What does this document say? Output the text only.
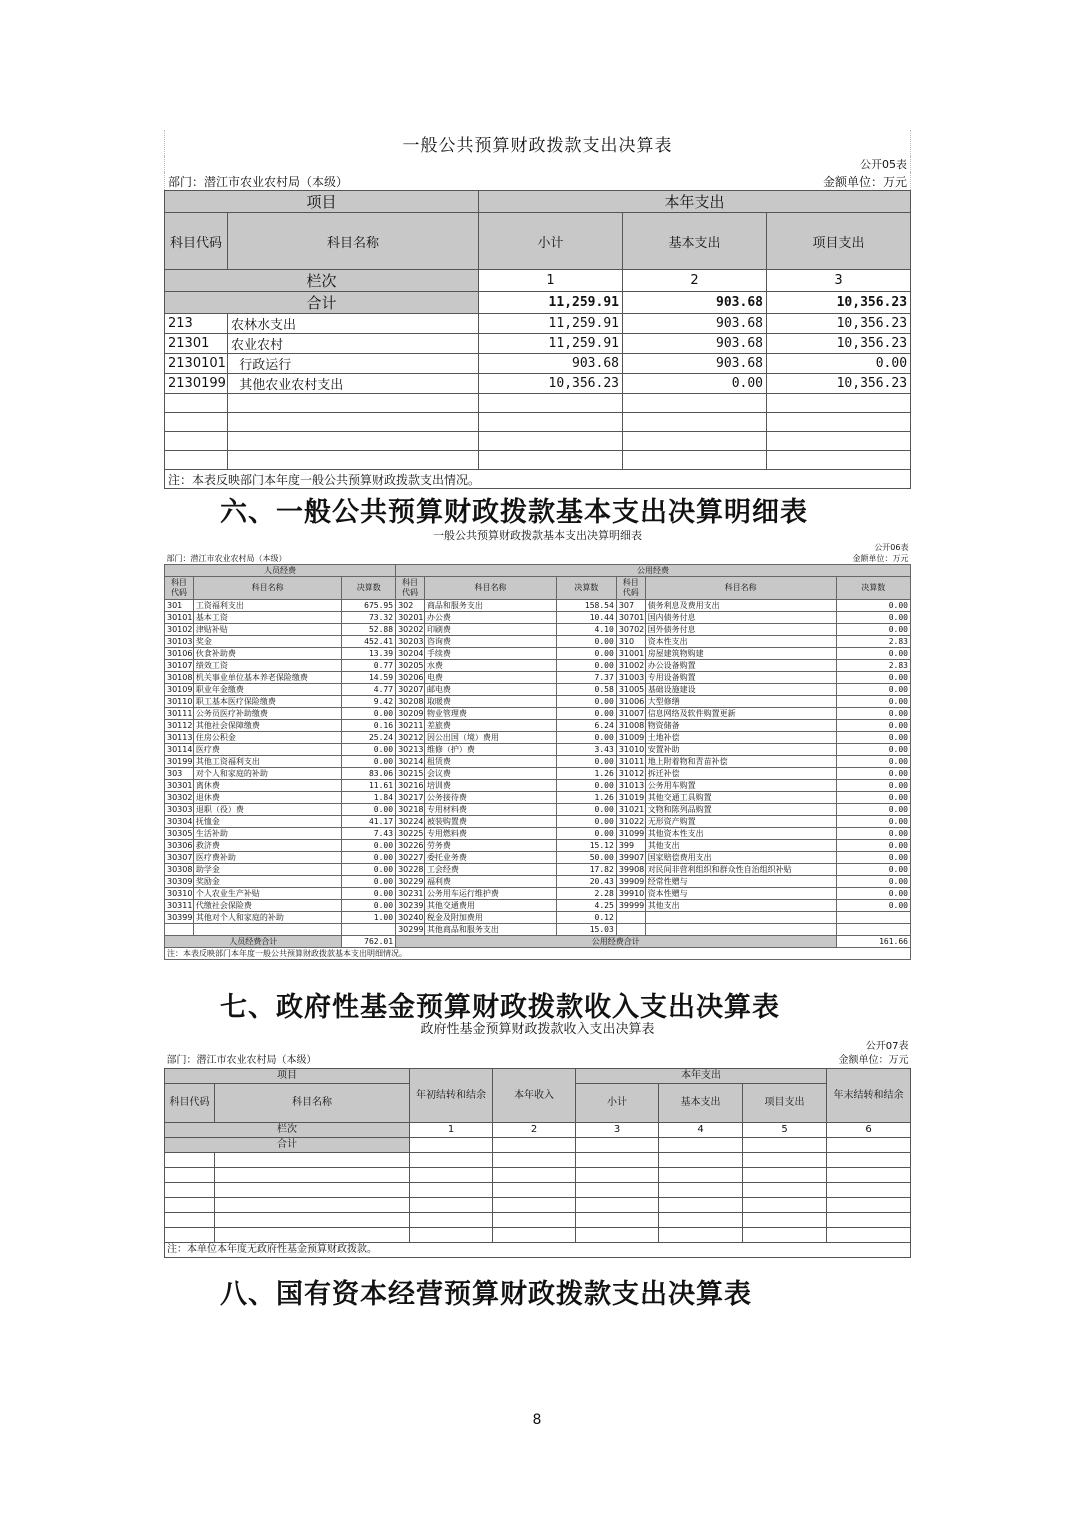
一般公共预算财政拨款支出决算表				
公开05表				
部门：潜江市农业农村局（本级）			金额单位：万元	
项目		本年支出		
科目代码	科目名称	小计	基本支出	项目支出
栏次		1	2	3
合计		11,259.91	903.68	10,356.23
213	农林水支出	11,259.91	903.68	10,356.23
21301	农业农村	11,259.91	903.68	10,356.23
2130101	行政运行	903.68	903.68	0.00
2130199	其他农业农村支出	10,356.23	0.00	10,356.23

注：本表反映部门本年度一般公共预算财政拨款支出情况。				
六、一般公共预算财政拨款基本支出决算明细表
一般公共预算财政拨款基本支出决算明细表								
公开06表								
部门：潜江市农业农村局（本级）					金额单位：万元			
人员经费			公用经费					
科目代码	科目名称	决算数	科目代码	科目名称	决算数	科目代码	科目名称	决算数
301	工资福利支出	675.95	302	商品和服务支出	158.54	307	债务利息及费用支出	0.00
30101	基本工资	73.32	30201	办公费	10.44	30701	国内债务付息	0.00
30102	津贴补贴	52.88	30202	印刷费	4.10	30702	国外债务付息	0.00
30103	奖金	452.41	30203	咨询费	0.00	310	资本性支出	2.83
30106	伙食补助费	13.39	30204	手续费	0.00	31001	房屋建筑物购建	0.00
30107	绩效工资	0.77	30205	水费	0.00	31002	办公设备购置	2.83
30108	机关事业单位基本养老保险缴费	14.59	30206	电费	7.37	31003	专用设备购置	0.00
30109	职业年金缴费	4.77	30207	邮电费	0.58	31005	基础设施建设	0.00
30110	职工基本医疗保险缴费	9.42	30208	取暖费	0.00	31006	大型修缮	0.00
30111	公务员医疗补助缴费	0.00	30209	物业管理费	0.00	31007	信息网络及软件购置更新	0.00
30112	其他社会保障缴费	0.16	30211	差旅费	6.24	31008	物资储备	0.00
30113	住房公积金	25.24	30212	因公出国（境）费用	0.00	31009	土地补偿	0.00
30114	医疗费	0.00	30213	维修（护）费	3.43	31010	安置补助	0.00
30199	其他工资福利支出	0.00	30214	租赁费	0.00	31011	地上附着物和青苗补偿	0.00
303	对个人和家庭的补助	83.06	30215	会议费	1.26	31012	拆迁补偿	0.00
30301	离休费	11.61	30216	培训费	0.00	31013	公务用车购置	0.00
30302	退休费	1.84	30217	公务接待费	1.26	31019	其他交通工具购置	0.00
30303	退职（役）费	0.00	30218	专用材料费	0.00	31021	文物和陈列品购置	0.00
30304	抚恤金	41.17	30224	被装购置费	0.00	31022	无形资产购置	0.00
30305	生活补助	7.43	30225	专用燃料费	0.00	31099	其他资本性支出	0.00
30306	救济费	0.00	30226	劳务费	15.12	399	其他支出	0.00
30307	医疗费补助	0.00	30227	委托业务费	50.00	39907	国家赔偿费用支出	0.00
30308	助学金	0.00	30228	工会经费	17.82	39908	对民间非营利组织和群众性自治组织补贴	0.00
30309	奖励金	0.00	30229	福利费	20.43	39909	经常性赠与	0.00
30310	个人农业生产补贴	0.00	30231	公务用车运行维护费	2.28	39910	资本性赠与	0.00
30311	代缴社会保险费	0.00	30239	其他交通费用	4.25	39999	其他支出	0.00
30399	其他对个人和家庭的补助	1.00	30240	税金及附加费用	0.12			
			30299	其他商品和服务支出	15.03			
人员经费合计		762.01	公用经费合计					161.66
注：本表反映部门本年度一般公共预算财政拨款基本支出明细情况。								
七、政府性基金预算财政拨款收入支出决算表
政府性基金预算财政拨款收入支出决算表							
公开07表							
部门：潜江市农业农村局（本级）					金额单位：万元		
项目		年初结转和结余	本年收入	本年支出			年末结转和结余
科目代码	科目名称			小计	基本支出	项目支出	
栏次		1	2	3	4	5	6
合计							

注：本单位本年度无政府性基金预算财政拨款。							
八、国有资本经营预算财政拨款支出决算表
8
